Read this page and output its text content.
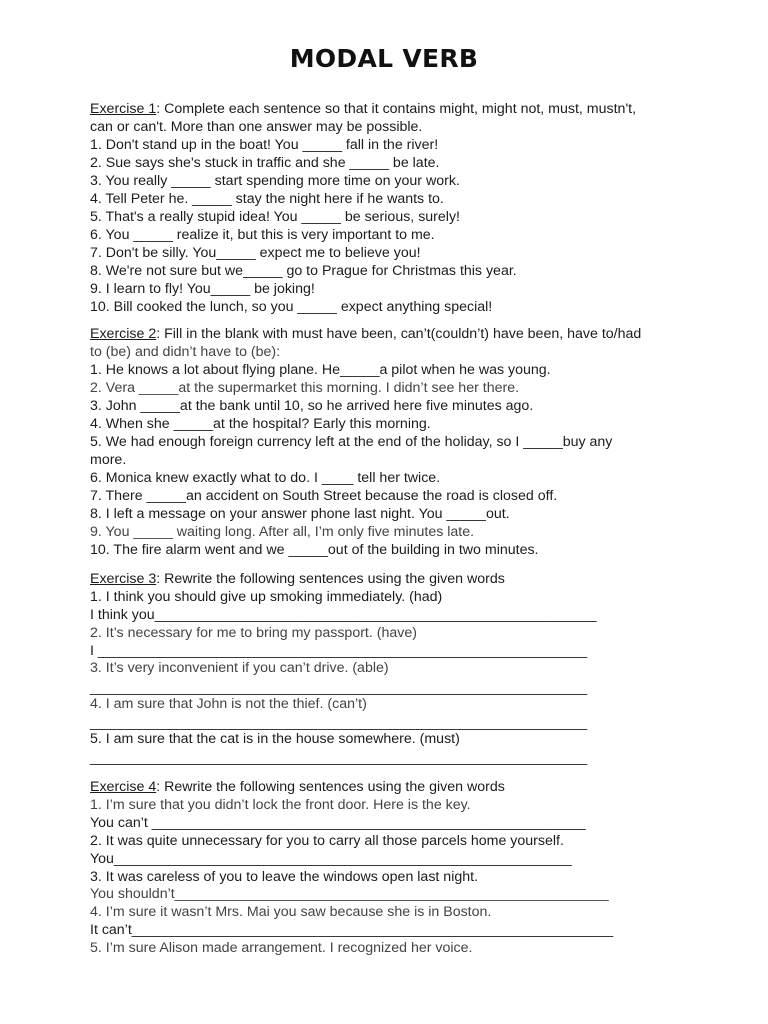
MODAL VERB
Exercise 1: Complete each sentence so that it contains might, might not, must, mustn't,
can or can't. More than one answer may be possible.
1. Don't stand up in the boat! You _____ fall in the river!
2. Sue says she's stuck in traffic and she _____ be late.
3. You really _____ start spending more time on your work.
4. Tell Peter he. _____ stay the night here if he wants to.
5. That's a really stupid idea! You _____ be serious, surely!
6. You _____ realize it, but this is very important to me.
7. Don't be silly. You_____ expect me to believe you!
8. We're not sure but we_____ go to Prague for Christmas this year.
9. I learn to fly! You_____ be joking!
10. Bill cooked the lunch, so you _____ expect anything special!
Exercise 2: Fill in the blank with must have been, can’t(couldn’t) have been, have to/had
to (be) and didn’t have to (be):
1. He knows a lot about flying plane. He_____a pilot when he was young.
2. Vera _____at the supermarket this morning. I didn’t see her there.
3. John _____at the bank until 10, so he arrived here five minutes ago.
4. When she _____at the hospital? Early this morning.
5. We had enough foreign currency left at the end of the holiday, so I _____buy any
more.
6. Monica knew exactly what to do. I ____ tell her twice.
7. There _____an accident on South Street because the road is closed off.
8. I left a message on your answer phone last night. You _____out.
9. You _____ waiting long. After all, I’m only five minutes late.
10. The fire alarm went and we _____out of the building in two minutes.
Exercise 3: Rewrite the following sentences using the given words
1. I think you should give up smoking immediately. (had)
I think you________________________________________________________
2. It’s necessary for me to bring my passport. (have)
I ______________________________________________________________
3. It’s very inconvenient if you can’t drive. (able)
_______________________________________________________________
4. I am sure that John is not the thief. (can’t)
_______________________________________________________________
5. I am sure that the cat is in the house somewhere. (must)
_______________________________________________________________
Exercise 4: Rewrite the following sentences using the given words
1. I’m sure that you didn’t lock the front door. Here is the key.
You can’t _______________________________________________________
2. It was quite unnecessary for you to carry all those parcels home yourself.
You__________________________________________________________
3. It was careless of you to leave the windows open last night.
You shouldn’t_______________________________________________________
4. I’m sure it wasn’t Mrs. Mai you saw because she is in Boston.
It can’t_____________________________________________________________
5. I’m sure Alison made arrangement. I recognized her voice.
